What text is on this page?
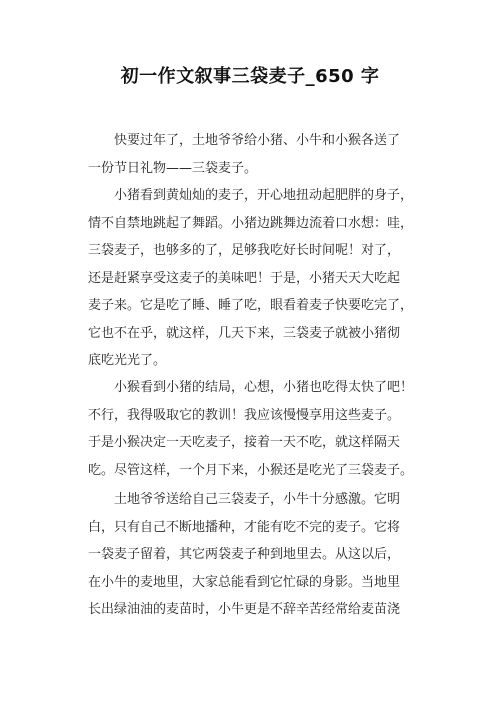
初一作文叙事三袋麦子_650 字
快要过年了，土地爷爷给小猪、小牛和小猴各送了
一份节日礼物——三袋麦子。
小猪看到黄灿灿的麦子，开心地扭动起肥胖的身子，
情不自禁地跳起了舞蹈。小猪边跳舞边流着口水想：哇，
三袋麦子，也够多的了，足够我吃好长时间呢！对了，
还是赶紧享受这麦子的美味吧！于是，小猪天天大吃起
麦子来。它是吃了睡、睡了吃，眼看着麦子快要吃完了，
它也不在乎，就这样，几天下来，三袋麦子就被小猪彻
底吃光光了。
小猴看到小猪的结局，心想，小猪也吃得太快了吧！
不行，我得吸取它的教训！我应该慢慢享用这些麦子。
于是小猴决定一天吃麦子，接着一天不吃，就这样隔天
吃。尽管这样，一个月下来，小猴还是吃光了三袋麦子。
土地爷爷送给自己三袋麦子，小牛十分感激。它明
白，只有自己不断地播种，才能有吃不完的麦子。它将
一袋麦子留着，其它两袋麦子种到地里去。从这以后，
在小牛的麦地里，大家总能看到它忙碌的身影。当地里
长出绿油油的麦苗时，小牛更是不辞辛苦经常给麦苗浇
